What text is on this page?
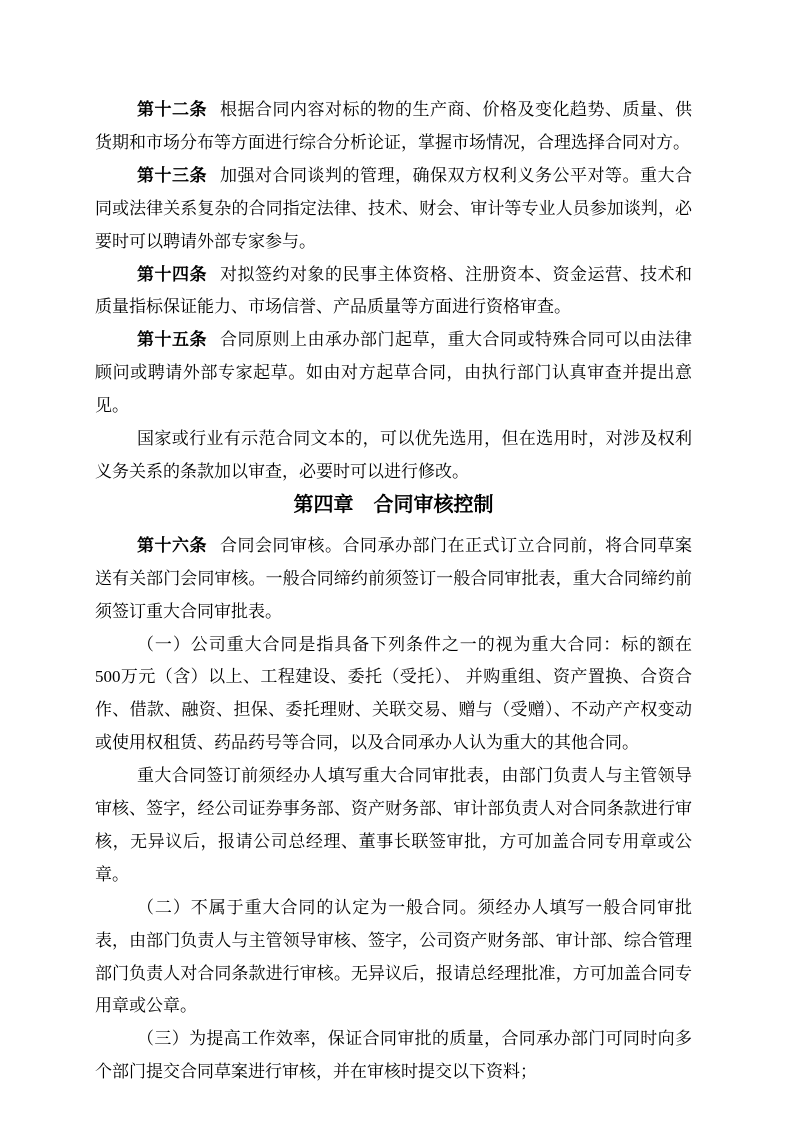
第十二条 根据合同内容对标的物的生产商、价格及变化趋势、质量、供货期和市场分布等方面进行综合分析论证，掌握市场情况，合理选择合同对方。

第十三条 加强对合同谈判的管理，确保双方权利义务公平对等。重大合同或法律关系复杂的合同指定法律、技术、财会、审计等专业人员参加谈判，必要时可以聘请外部专家参与。

第十四条 对拟签约对象的民事主体资格、注册资本、资金运营、技术和质量指标保证能力、市场信誉、产品质量等方面进行资格审查。

第十五条 合同原则上由承办部门起草，重大合同或特殊合同可以由法律顾问或聘请外部专家起草。如由对方起草合同，由执行部门认真审查并提出意见。

国家或行业有示范合同文本的，可以优先选用，但在选用时，对涉及权利义务关系的条款加以审查，必要时可以进行修改。

第四章　合同审核控制

第十六条 合同会同审核。合同承办部门在正式订立合同前，将合同草案送有关部门会同审核。一般合同缔约前须签订一般合同审批表，重大合同缔约前须签订重大合同审批表。

（一）公司重大合同是指具备下列条件之一的视为重大合同：标的额在 500万元（含）以上、工程建设、委托（受托）、 并购重组、资产置换、合资合作、借款、融资、担保、委托理财、关联交易、赠与（受赠）、不动产产权变动或使用权租赁、药品药号等合同，以及合同承办人认为重大的其他合同。

重大合同签订前须经办人填写重大合同审批表，由部门负责人与主管领导审核、签字，经公司证券事务部、资产财务部、审计部负责人对合同条款进行审核，无异议后，报请公司总经理、董事长联签审批，方可加盖合同专用章或公章。

（二）不属于重大合同的认定为一般合同。须经办人填写一般合同审批表，由部门负责人与主管领导审核、签字，公司资产财务部、审计部、综合管理部门负责人对合同条款进行审核。无异议后，报请总经理批准，方可加盖合同专用章或公章。

（三）为提高工作效率，保证合同审批的质量，合同承办部门可同时向多个部门提交合同草案进行审核，并在审核时提交以下资料；
